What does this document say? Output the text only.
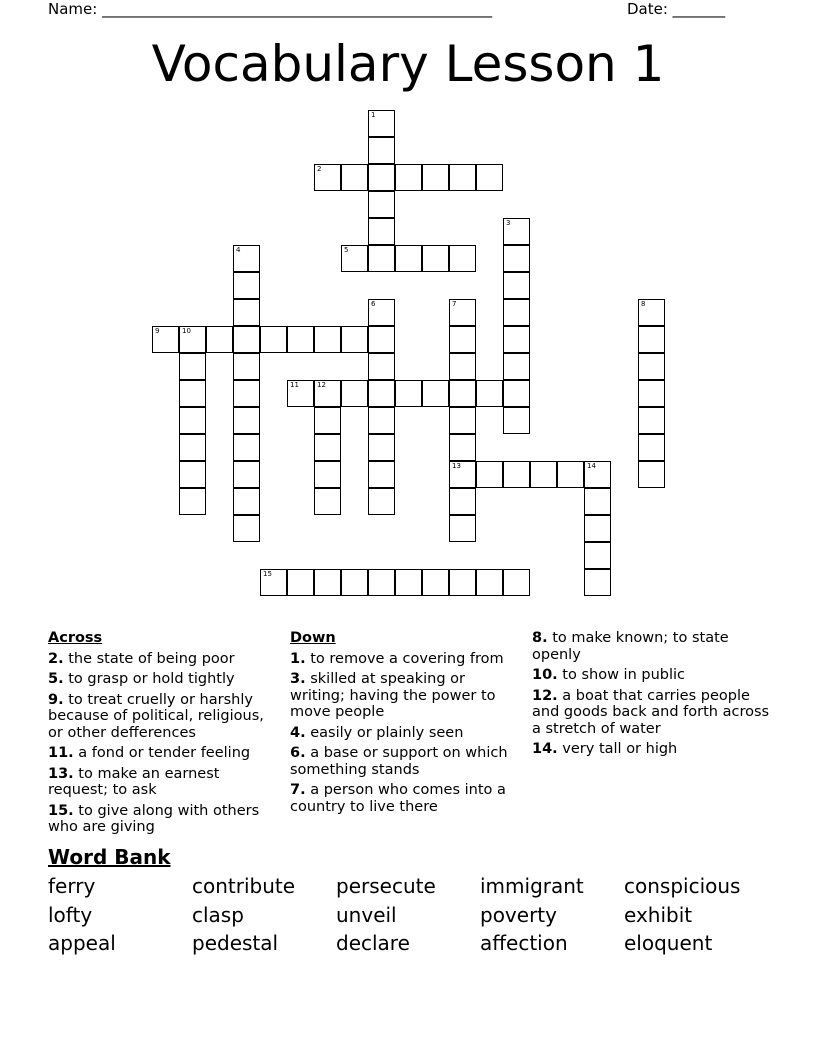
Name: ____________________________________________________	Date: _______
Vocabulary Lesson 1
1
2
3
4	5
6	7
13
8
9	10
11	12
14
15
Across
2. the state of being poor
5. to grasp or hold tightly
9. to treat cruelly or harshly because of political, religious, or other defferences
11. a fond or tender feeling
13. to make an earnest request; to ask
15. to give along with others who are giving
Down
1. to remove a covering from
3. skilled at speaking or writing; having the power to move people
4. easily or plainly seen
6. a base or support on which something stands
7. a person who comes into a country to live there
8. to make known; to state openly
10. to show in public
12. a boat that carries people and goods back and forth across a stretch of water
14. very tall or high
Word Bank
ferry	contribute persecute immigrant conspicious
lofty	clasp	unveil	poverty	exhibit
appeal	pedestal	declare	affection	eloquent
